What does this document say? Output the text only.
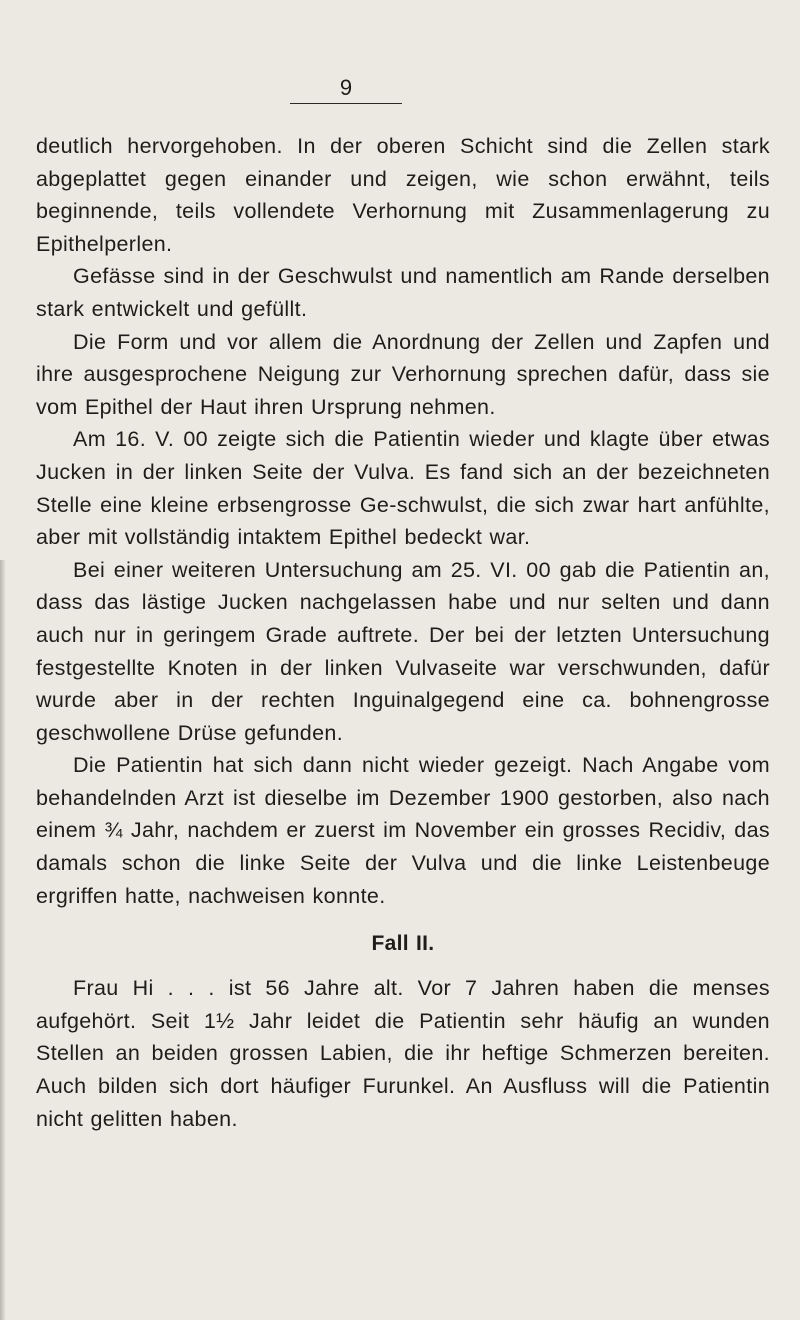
9

deutlich hervorgehoben. In der oberen Schicht sind die Zellen stark abgeplattet gegen einander und zeigen, wie schon erwähnt, teils beginnende, teils vollendete Verhornung mit Zusammenlagerung zu Epithelperlen.

Gefässe sind in der Geschwulst und namentlich am Rande derselben stark entwickelt und gefüllt.

Die Form und vor allem die Anordnung der Zellen und Zapfen und ihre ausgesprochene Neigung zur Verhornung sprechen dafür, dass sie vom Epithel der Haut ihren Ursprung nehmen.

Am 16. V. 00 zeigte sich die Patientin wieder und klagte über etwas Jucken in der linken Seite der Vulva. Es fand sich an der bezeichneten Stelle eine kleine erbsengrosse Ge-schwulst, die sich zwar hart anfühlte, aber mit vollständig intaktem Epithel bedeckt war.

Bei einer weiteren Untersuchung am 25. VI. 00 gab die Patientin an, dass das lästige Jucken nachgelassen habe und nur selten und dann auch nur in geringem Grade auftrete. Der bei der letzten Untersuchung festgestellte Knoten in der linken Vulvaseite war verschwunden, dafür wurde aber in der rechten Inguinalgegend eine ca. bohnengrosse geschwollene Drüse gefunden.

Die Patientin hat sich dann nicht wieder gezeigt. Nach Angabe vom behandelnden Arzt ist dieselbe im Dezember 1900 gestorben, also nach einem ¾ Jahr, nachdem er zuerst im November ein grosses Recidiv, das damals schon die linke Seite der Vulva und die linke Leistenbeuge ergriffen hatte, nachweisen konnte.

Fall II.

Frau Hi . . . ist 56 Jahre alt. Vor 7 Jahren haben die menses aufgehört. Seit 1½ Jahr leidet die Patientin sehr häufig an wunden Stellen an beiden grossen Labien, die ihr heftige Schmerzen bereiten. Auch bilden sich dort häufiger Furunkel. An Ausfluss will die Patientin nicht gelitten haben.
